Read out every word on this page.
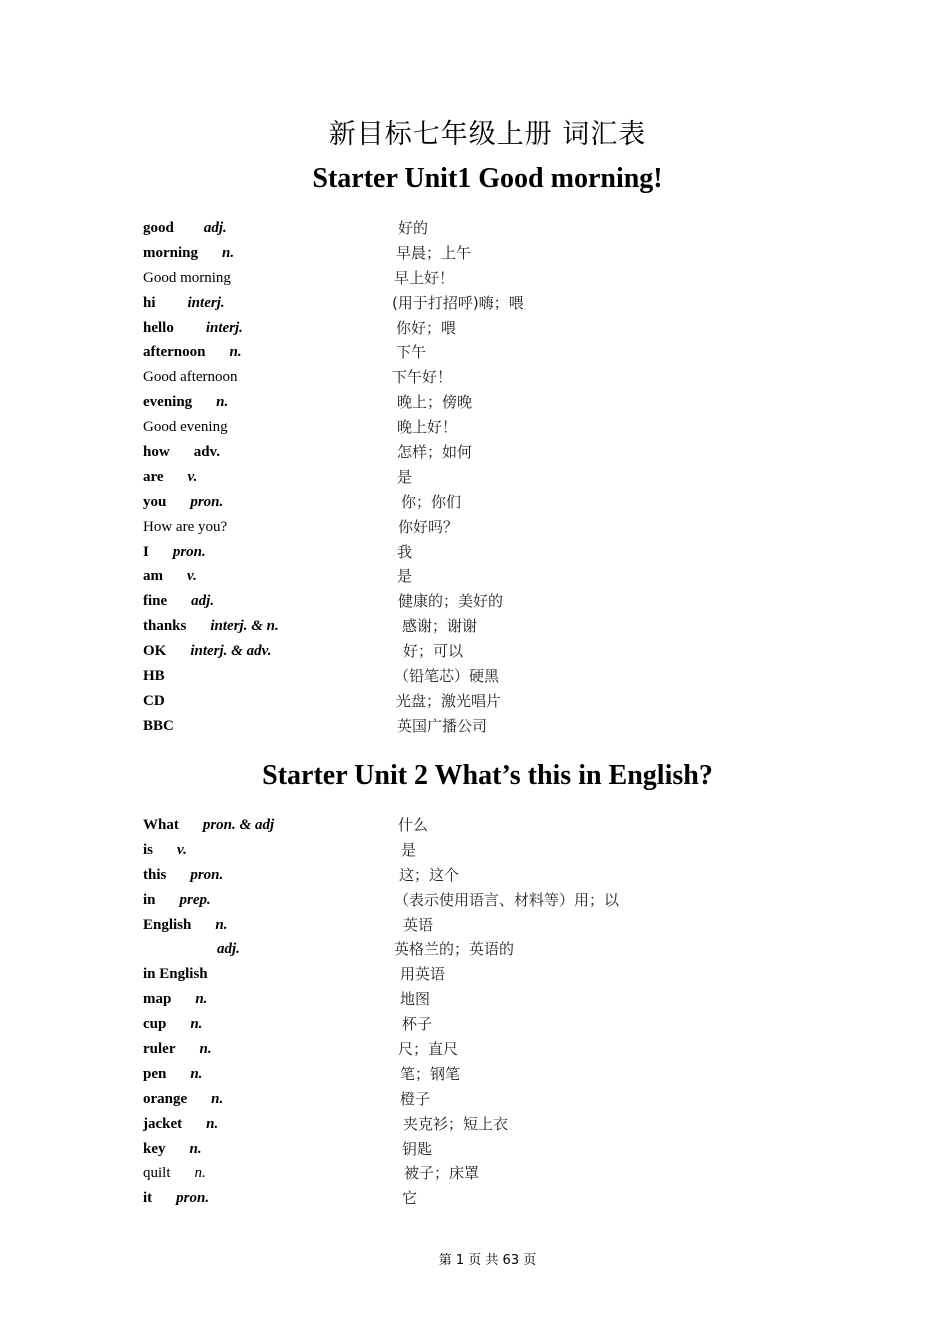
新目标七年级上册 词汇表
Starter Unit1 Good morning!
good adj.	好的
morning n.	早晨；上午
Good morning	早上好！
hi interj.	(用于打招呼)嗨；喂
hello interj.	你好；喂
afternoon n.	下午
Good afternoon	下午好！
evening n.	晚上；傍晚
Good evening	晚上好！
how adv.	怎样；如何
are v.	是
you pron.	你；你们
How are you?	你好吗？
I pron.	我
am v.	是
fine adj.	健康的；美好的
thanks interj. & n.	感谢；谢谢
OK interj. & adv.	好；可以
HB	（铅笔芯）硬黑
CD	光盘；激光唱片
BBC	英国广播公司
Starter Unit 2 What’s this in English?
What pron. & adj	什么
is v.	是
this pron.	这；这个
in prep.	（表示使用语言、材料等）用；以
English n.	英语
adj.	英格兰的；英语的
in English	用英语
map n.	地图
cup n.	杯子
ruler n.	尺；直尺
pen n.	笔；钢笔
orange n.	橙子
jacket n.	夹克衫；短上衣
key n.	钥匙
quilt n.	被子；床罩
it pron.	它
第 1 页 共 63 页
